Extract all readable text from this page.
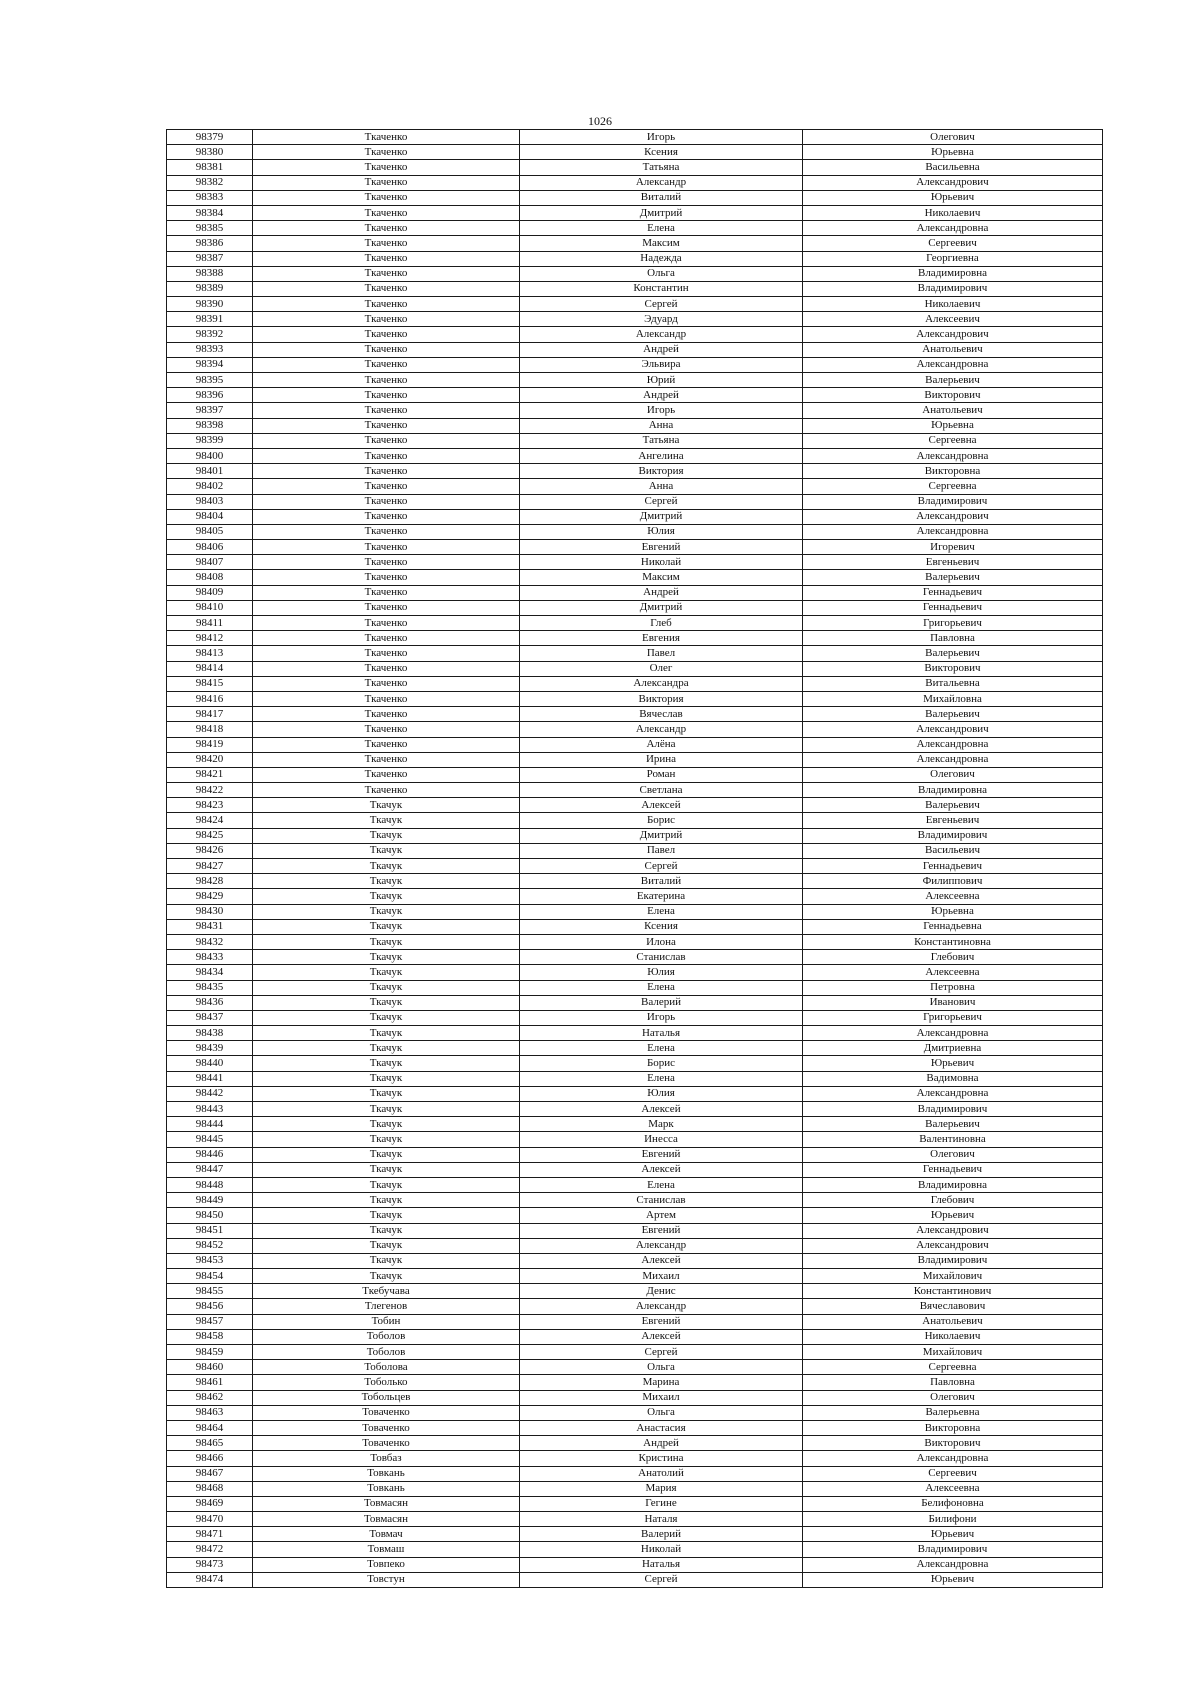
1026
98379	Ткаченко	Игорь	Олегович
98380	Ткаченко	Ксения	Юрьевна
98381	Ткаченко	Татьяна	Васильевна
98382	Ткаченко	Александр	Александрович
98383	Ткаченко	Виталий	Юрьевич
98384	Ткаченко	Дмитрий	Николаевич
98385	Ткаченко	Елена	Александровна
98386	Ткаченко	Максим	Сергеевич
98387	Ткаченко	Надежда	Георгиевна
98388	Ткаченко	Ольга	Владимировна
98389	Ткаченко	Константин	Владимирович
98390	Ткаченко	Сергей	Николаевич
98391	Ткаченко	Эдуард	Алексеевич
98392	Ткаченко	Александр	Александрович
98393	Ткаченко	Андрей	Анатольевич
98394	Ткаченко	Эльвира	Александровна
98395	Ткаченко	Юрий	Валерьевич
98396	Ткаченко	Андрей	Викторович
98397	Ткаченко	Игорь	Анатольевич
98398	Ткаченко	Анна	Юрьевна
98399	Ткаченко	Татьяна	Сергеевна
98400	Ткаченко	Ангелина	Александровна
98401	Ткаченко	Виктория	Викторовна
98402	Ткаченко	Анна	Сергеевна
98403	Ткаченко	Сергей	Владимирович
98404	Ткаченко	Дмитрий	Александрович
98405	Ткаченко	Юлия	Александровна
98406	Ткаченко	Евгений	Игоревич
98407	Ткаченко	Николай	Евгеньевич
98408	Ткаченко	Максим	Валерьевич
98409	Ткаченко	Андрей	Геннадьевич
98410	Ткаченко	Дмитрий	Геннадьевич
98411	Ткаченко	Глеб	Григорьевич
98412	Ткаченко	Евгения	Павловна
98413	Ткаченко	Павел	Валерьевич
98414	Ткаченко	Олег	Викторович
98415	Ткаченко	Александра	Витальевна
98416	Ткаченко	Виктория	Михайловна
98417	Ткаченко	Вячеслав	Валерьевич
98418	Ткаченко	Александр	Александрович
98419	Ткаченко	Алёна	Александровна
98420	Ткаченко	Ирина	Александровна
98421	Ткаченко	Роман	Олегович
98422	Ткаченко	Светлана	Владимировна
98423	Ткачук	Алексей	Валерьевич
98424	Ткачук	Борис	Евгеньевич
98425	Ткачук	Дмитрий	Владимирович
98426	Ткачук	Павел	Васильевич
98427	Ткачук	Сергей	Геннадьевич
98428	Ткачук	Виталий	Филиппович
98429	Ткачук	Екатерина	Алексеевна
98430	Ткачук	Елена	Юрьевна
98431	Ткачук	Ксения	Геннадьевна
98432	Ткачук	Илона	Константиновна
98433	Ткачук	Станислав	Глебович
98434	Ткачук	Юлия	Алексеевна
98435	Ткачук	Елена	Петровна
98436	Ткачук	Валерий	Иванович
98437	Ткачук	Игорь	Григорьевич
98438	Ткачук	Наталья	Александровна
98439	Ткачук	Елена	Дмитриевна
98440	Ткачук	Борис	Юрьевич
98441	Ткачук	Елена	Вадимовна
98442	Ткачук	Юлия	Александровна
98443	Ткачук	Алексей	Владимирович
98444	Ткачук	Марк	Валерьевич
98445	Ткачук	Инесса	Валентиновна
98446	Ткачук	Евгений	Олегович
98447	Ткачук	Алексей	Геннадьевич
98448	Ткачук	Елена	Владимировна
98449	Ткачук	Станислав	Глебович
98450	Ткачук	Артем	Юрьевич
98451	Ткачук	Евгений	Александрович
98452	Ткачук	Александр	Александрович
98453	Ткачук	Алексей	Владимирович
98454	Ткачук	Михаил	Михайлович
98455	Ткебучава	Денис	Константинович
98456	Тлегенов	Александр	Вячеславович
98457	Тобин	Евгений	Анатольевич
98458	Тоболов	Алексей	Николаевич
98459	Тоболов	Сергей	Михайлович
98460	Тоболова	Ольга	Сергеевна
98461	Тоболько	Марина	Павловна
98462	Тобольцев	Михаил	Олегович
98463	Товаченко	Ольга	Валерьевна
98464	Товаченко	Анастасия	Викторовна
98465	Товаченко	Андрей	Викторович
98466	Товбаз	Кристина	Александровна
98467	Товкань	Анатолий	Сергеевич
98468	Товкань	Мария	Алексеевна
98469	Товмасян	Гегине	Белифоновна
98470	Товмасян	Наталя	Билифони
98471	Товмач	Валерий	Юрьевич
98472	Товмаш	Николай	Владимирович
98473	Товпеко	Наталья	Александровна
98474	Товстун	Сергей	Юрьевич
